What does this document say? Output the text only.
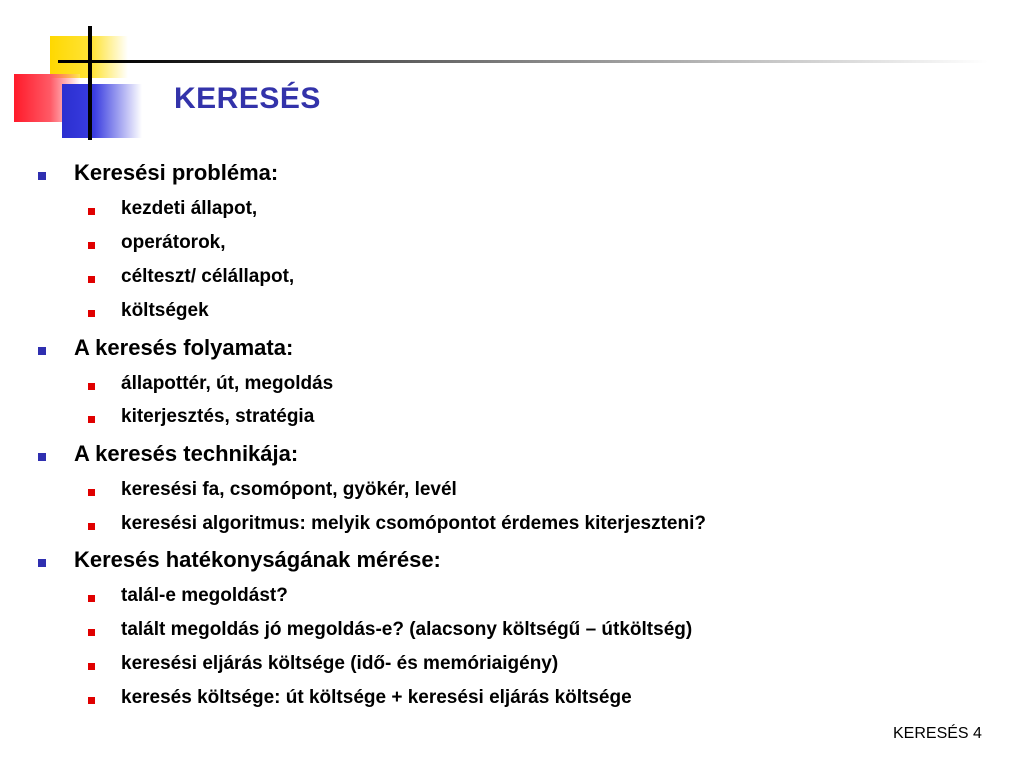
KERESÉS
Keresési probléma:
kezdeti állapot,
operátorok,
célteszt/ célállapot,
költségek
A keresés folyamata:
állapottér, út, megoldás
kiterjesztés, stratégia
A keresés technikája:
keresési fa, csomópont, gyökér, levél
keresési algoritmus: melyik csomópontot érdemes kiterjeszteni?
Keresés hatékonyságának mérése:
talál-e megoldást?
talált megoldás jó megoldás-e? (alacsony költségű – útköltség)
keresési eljárás költsége (idő- és memóriaigény)
keresés költsége: út költsége + keresési eljárás költsége
KERESÉS 4
